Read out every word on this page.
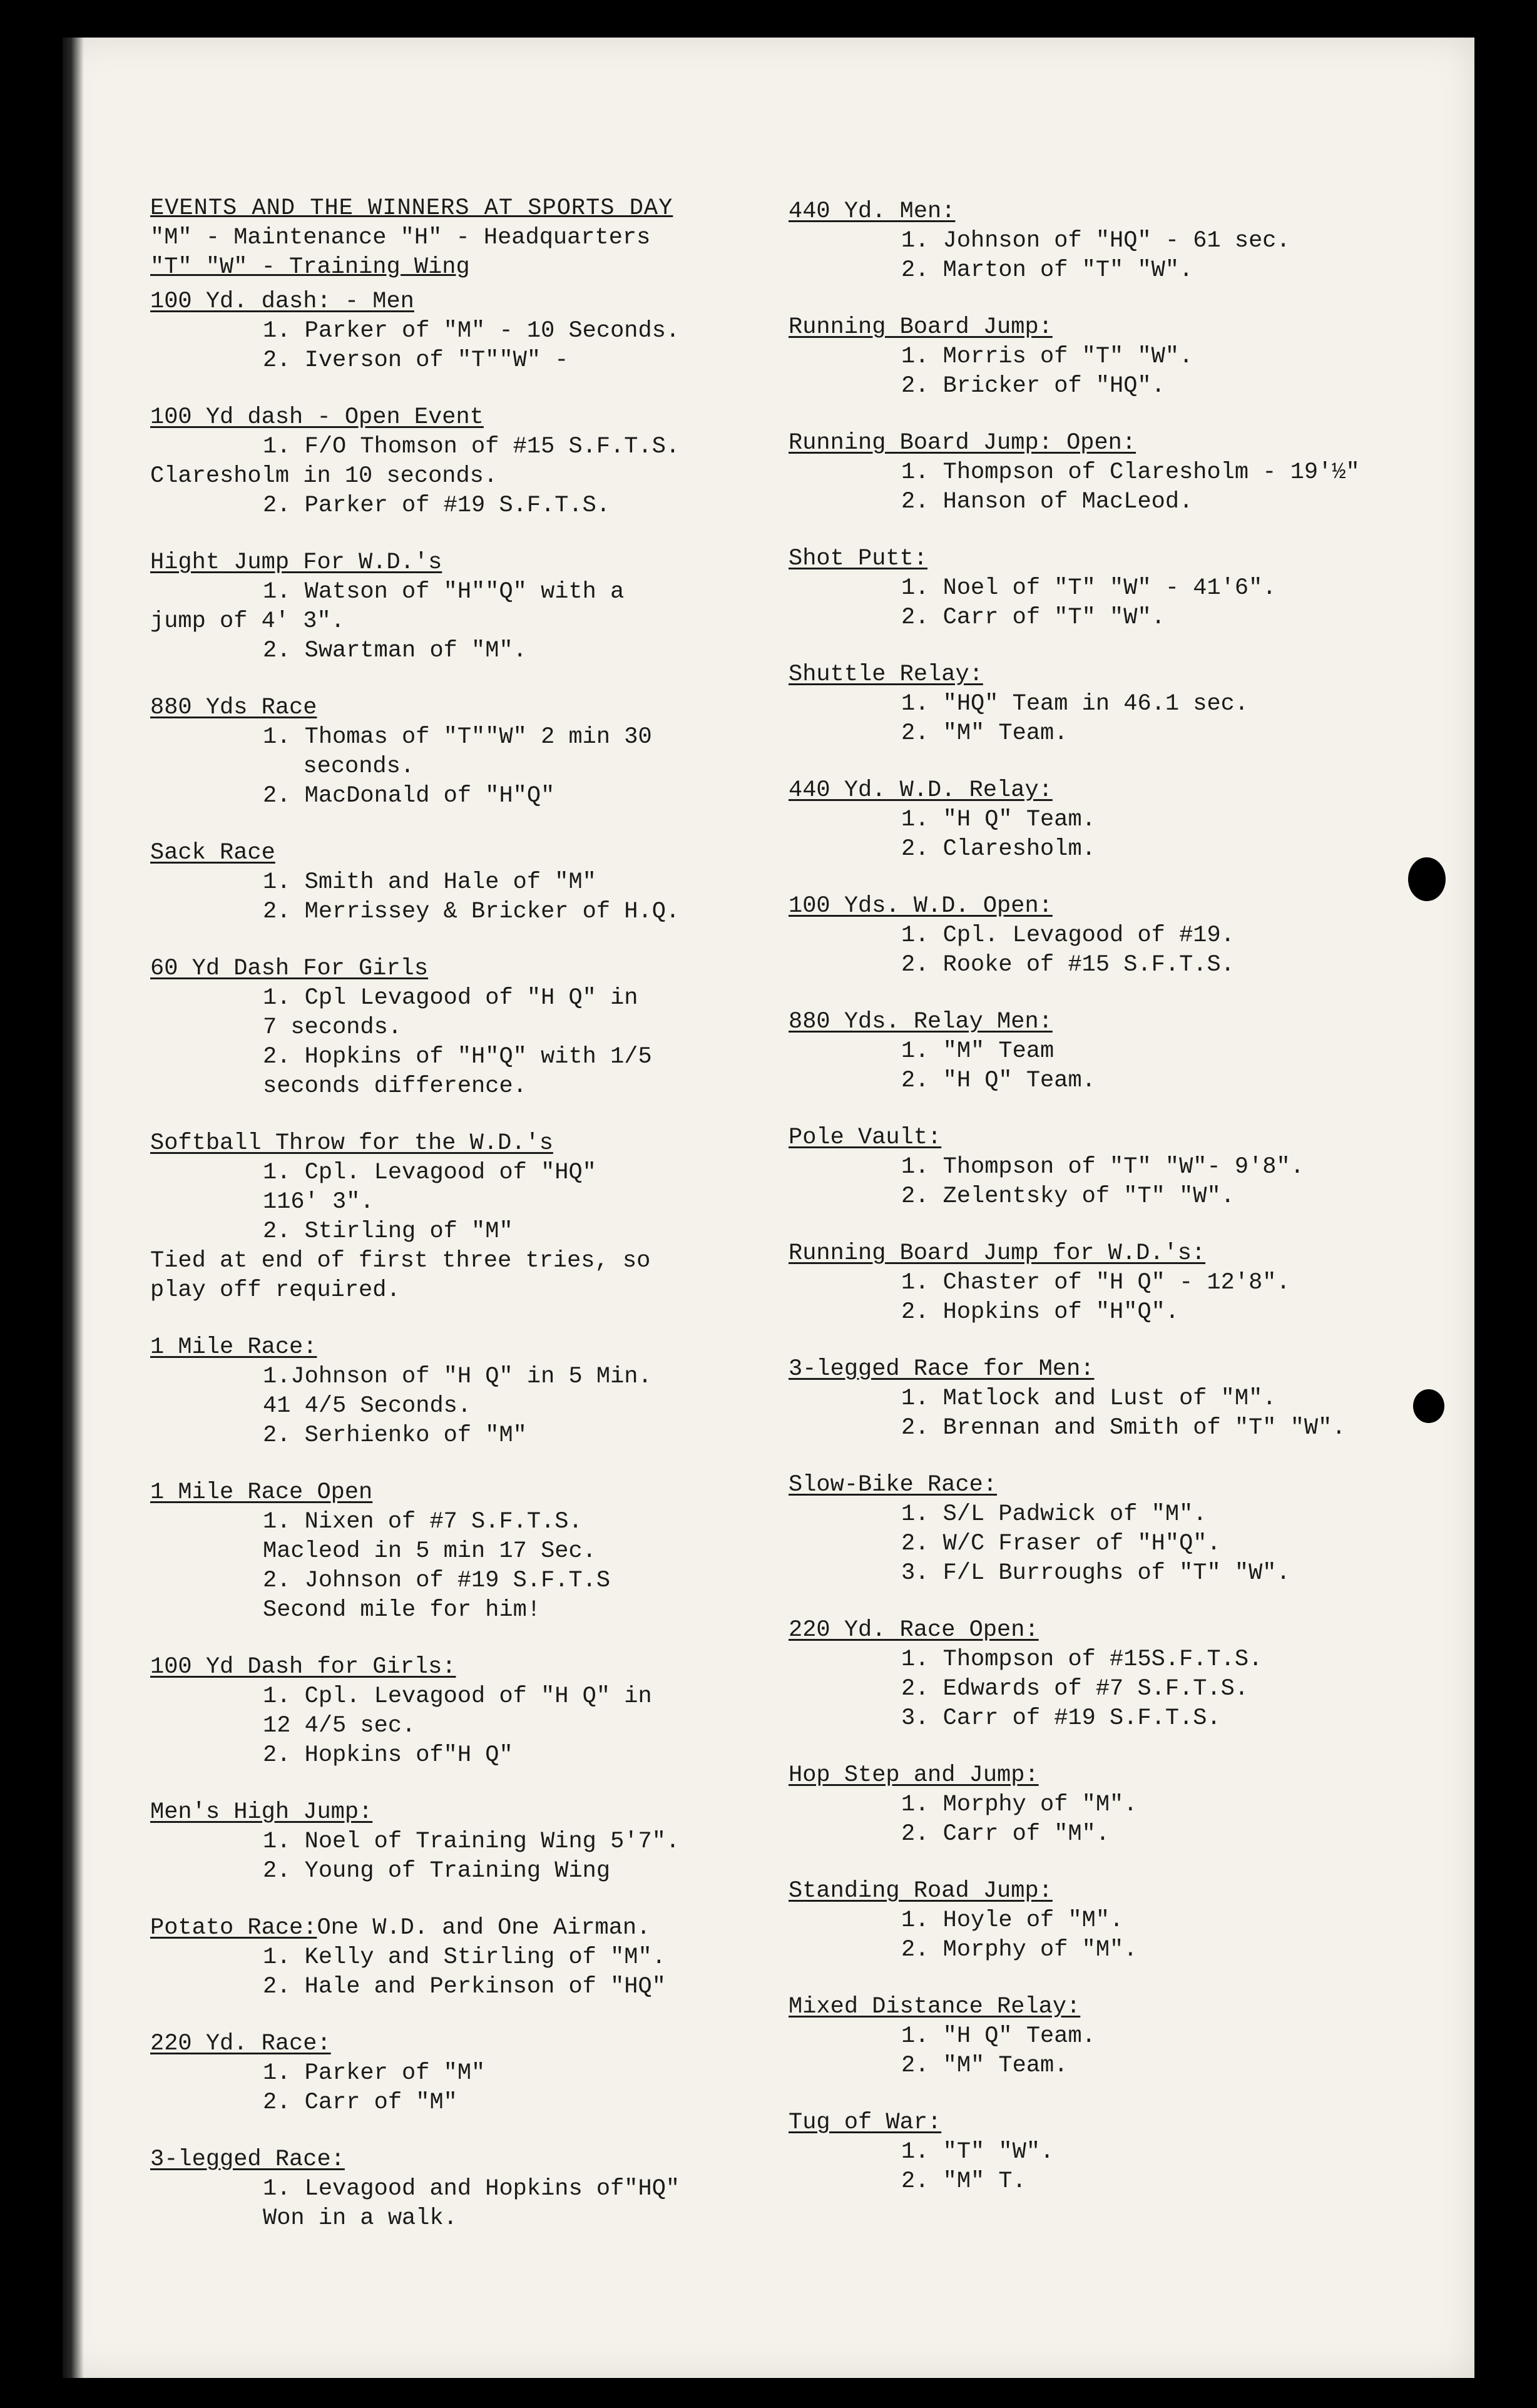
EVENTS AND THE WINNERS AT SPORTS DAY
"M" - Maintenance "H" - Headquarters
"T" "W" - Training Wing
100 Yd. dash: - Men
1. Parker of "M" - 10 Seconds.
2. Iverson of "T""W" -
100 Yd dash - Open Event
1. F/O Thomson of #15 S.F.T.S.
Claresholm in 10 seconds.
2. Parker of #19 S.F.T.S.
Hight Jump For W.D.'s
1. Watson of "H""Q" with a
jump of 4' 3".
2. Swartman of "M".
880 Yds Race
1. Thomas of "T""W" 2 min 30
seconds.
2. MacDonald of "H"Q"
Sack Race
1. Smith and Hale of "M"
2. Merrissey & Bricker of H.Q.
60 Yd Dash For Girls
1. Cpl Levagood of "H Q" in
7 seconds.
2. Hopkins of "H"Q" with 1/5
seconds difference.
Softball Throw for the W.D.'s
1. Cpl. Levagood of "HQ"
116' 3".
2. Stirling of "M"
Tied at end of first three tries, so
play off required.
1 Mile Race:
1.Johnson of "H Q" in 5 Min.
41 4/5 Seconds.
2. Serhienko of "M"
1 Mile Race Open
1. Nixen of #7 S.F.T.S.
Macleod in 5 min 17 Sec.
2. Johnson of #19 S.F.T.S
Second mile for him!
100 Yd Dash for Girls:
1. Cpl. Levagood of "H Q" in
12 4/5 sec.
2. Hopkins of"H Q"
Men's High Jump:
1. Noel of Training Wing 5'7".
2. Young of Training Wing
Potato Race:One W.D. and One Airman.
1. Kelly and Stirling of "M".
2. Hale and Perkinson of "HQ"
220 Yd. Race:
1. Parker of "M"
2. Carr of "M"
3-legged Race:
1. Levagood and Hopkins of"HQ"
Won in a walk.
440 Yd. Men:
1. Johnson of "HQ" - 61 sec.
2. Marton of "T" "W".
Running Board Jump:
1. Morris of "T" "W".
2. Bricker of "HQ".
Running Board Jump: Open:
1. Thompson of Claresholm - 19'½"
2. Hanson of MacLeod.
Shot Putt:
1. Noel of "T" "W" - 41'6".
2. Carr of "T" "W".
Shuttle Relay:
1. "HQ" Team in 46.1 sec.
2. "M" Team.
440 Yd. W.D. Relay:
1. "H Q" Team.
2. Claresholm.
100 Yds. W.D. Open:
1. Cpl. Levagood of #19.
2. Rooke of #15 S.F.T.S.
880 Yds. Relay Men:
1. "M" Team
2. "H Q" Team.
Pole Vault:
1. Thompson of "T" "W"- 9'8".
2. Zelentsky of "T" "W".
Running Board Jump for W.D.'s:
1. Chaster of "H Q" - 12'8".
2. Hopkins of "H"Q".
3-legged Race for Men:
1. Matlock and Lust of "M".
2. Brennan and Smith of "T" "W".
Slow-Bike Race:
1. S/L Padwick of "M".
2. W/C Fraser of "H"Q".
3. F/L Burroughs of "T" "W".
220 Yd. Race Open:
1. Thompson of #15S.F.T.S.
2. Edwards of #7 S.F.T.S.
3. Carr of #19 S.F.T.S.
Hop Step and Jump:
1. Morphy of "M".
2. Carr of "M".
Standing Road Jump:
1. Hoyle of "M".
2. Morphy of "M".
Mixed Distance Relay:
1. "H Q" Team.
2. "M" Team.
Tug of War:
1. "T" "W".
2. "M" T.
